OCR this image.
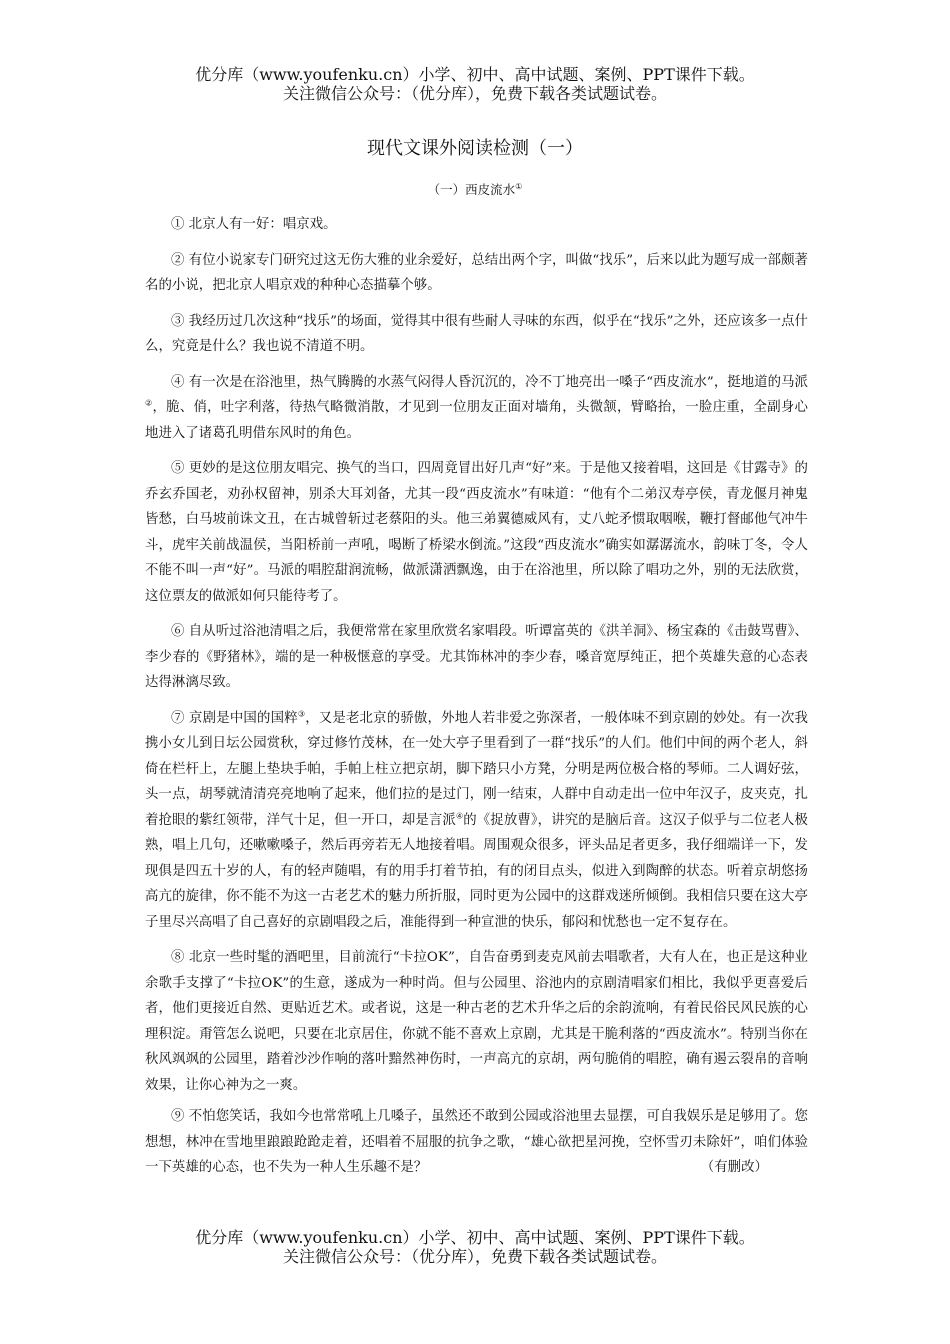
优分库（www.youfenku.cn）小学、初中、高中试题、案例、PPT课件下载。
关注微信公众号：（优分库），免费下载各类试题试卷。
现代文课外阅读检测（一）
（一）西皮流水①

① 北京人有一好：唱京戏。

② 有位小说家专门研究过这无伤大雅的业余爱好，总结出两个字，叫做“找乐”，后来以此为题写成一部颇著名的小说，把北京人唱京戏的种种心态描摹个够。

③ 我经历过几次这种“找乐”的场面，觉得其中很有些耐人寻味的东西，似乎在“找乐”之外，还应该多一点什么，究竟是什么？我也说不清道不明。

④ 有一次是在浴池里，热气腾腾的水蒸气闷得人昏沉沉的，冷不丁地亮出一嗓子“西皮流水”，挺地道的马派②，脆、俏，吐字利落，待热气略微消散，才见到一位朋友正面对墙角，头微颔，臂略抬，一脸庄重，全副身心地进入了诸葛孔明借东风时的角色。

⑤ 更妙的是这位朋友唱完、换气的当口，四周竟冒出好几声“好”来。于是他又接着唱，这回是《甘露寺》的乔玄乔国老，劝孙权留神，别杀大耳刘备，尤其一段“西皮流水”有味道：“他有个二弟汉寿亭侯，青龙偃月神鬼皆愁，白马坡前诛文丑，在古城曾斩过老蔡阳的头。他三弟翼德威风有，丈八蛇矛惯取咽喉，鞭打督邮他气冲牛斗，虎牢关前战温侯，当阳桥前一声吼，喝断了桥梁水倒流。”这段“西皮流水”确实如潺潺流水，韵味丁冬，令人不能不叫一声“好”。马派的唱腔甜润流畅，做派潇洒飘逸，由于在浴池里，所以除了唱功之外，别的无法欣赏，这位票友的做派如何只能待考了。

⑥ 自从听过浴池清唱之后，我便常常在家里欣赏名家唱段。听谭富英的《洪羊洞》、杨宝森的《击鼓骂曹》、李少春的《野猪林》，端的是一种极惬意的享受。尤其饰林冲的李少春，嗓音宽厚纯正，把个英雄失意的心态表达得淋漓尽致。

⑦ 京剧是中国的国粹③，又是老北京的骄傲，外地人若非爱之弥深者，一般体味不到京剧的妙处。有一次我携小女儿到日坛公园赏秋，穿过修竹茂林，在一处大亭子里看到了一群“找乐”的人们。他们中间的两个老人，斜倚在栏杆上，左腿上垫块手帕，手帕上柱立把京胡，脚下踏只小方凳，分明是两位极合格的琴师。二人调好弦，头一点，胡琴就清清亮亮地响了起来，他们拉的是过门，刚一结束，人群中自动走出一位中年汉子，皮夹克，扎着抢眼的紫红领带，洋气十足，但一开口，却是言派④的《捉放曹》，讲究的是脑后音。这汉子似乎与二位老人极熟，唱上几句，还嗽嗽嗓子，然后再旁若无人地接着唱。周围观众很多，评头品足者更多，我仔细端详一下，发现俱是四五十岁的人，有的轻声随唱，有的用手打着节拍，有的闭目点头，似进入到陶醉的状态。听着京胡悠扬高亢的旋律，你不能不为这一古老艺术的魅力所折服，同时更为公园中的这群戏迷所倾倒。我相信只要在这大亭子里尽兴高唱了自己喜好的京剧唱段之后，准能得到一种宣泄的快乐，郁闷和忧愁也一定不复存在。

⑧ 北京一些时髦的酒吧里，目前流行“卡拉OK”，自告奋勇到麦克风前去唱歌者，大有人在，也正是这种业余歌手支撑了“卡拉OK”的生意，遂成为一种时尚。但与公园里、浴池内的京剧清唱家们相比，我似乎更喜爱后者，他们更接近自然、更贴近艺术。或者说，这是一种古老的艺术升华之后的余韵流响，有着民俗民风民族的心理积淀。甭管怎么说吧，只要在北京居住，你就不能不喜欢上京剧，尤其是干脆利落的“西皮流水”。特别当你在秋风飒飒的公园里，踏着沙沙作响的落叶黯然神伤时，一声高亢的京胡，两句脆俏的唱腔，确有遏云裂帛的音响效果，让你心神为之一爽。

⑨ 不怕您笑话，我如今也常常吼上几嗓子，虽然还不敢到公园或浴池里去显摆，可自我娱乐是足够用了。您想想，林冲在雪地里踉踉跄跄走着，还唱着不屈服的抗争之歌，“雄心欲把星河挽，空怀雪刃未除奸”，咱们体验一下英雄的心态，也不失为一种人生乐趣不是？	（有删改）

优分库（www.youfenku.cn）小学、初中、高中试题、案例、PPT课件下载。
关注微信公众号：（优分库），免费下载各类试题试卷。
